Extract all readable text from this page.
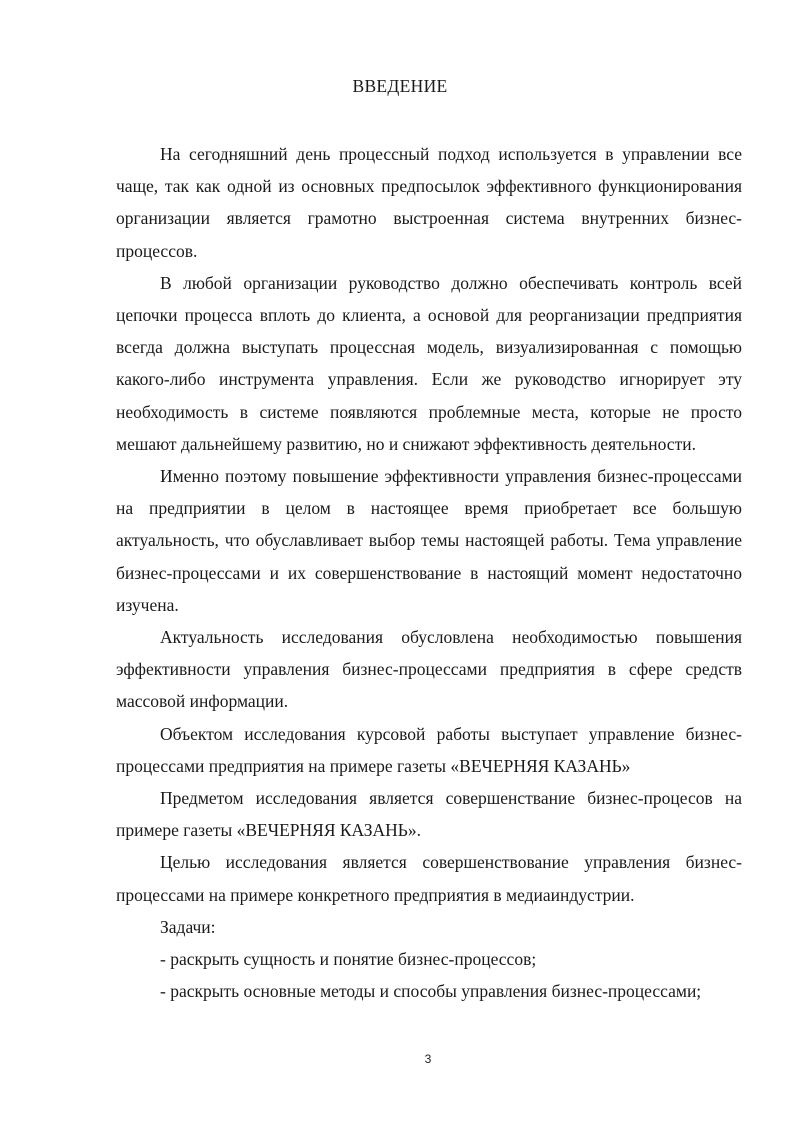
ВВЕДЕНИЕ

На сегодняшний день процессный подход используется в управлении все чаще, так как одной из основных предпосылок эффективного функционирования организации является грамотно выстроенная система внутренних бизнес-процессов.

В любой организации руководство должно обеспечивать контроль всей цепочки процесса вплоть до клиента, а основой для реорганизации предприятия всегда должна выступать процессная модель, визуализированная с помощью какого-либо инструмента управления. Если же руководство игнорирует эту необходимость в системе появляются проблемные места, которые не просто мешают дальнейшему развитию, но и снижают эффективность деятельности.

Именно поэтому повышение эффективности управления бизнес-процессами на предприятии в целом в настоящее время приобретает все большую актуальность, что обуславливает выбор темы настоящей работы. Тема управление бизнес-процессами и их совершенствование в настоящий момент недостаточно изучена.

Актуальность исследования обусловлена необходимостью повышения эффективности управления бизнес-процессами предприятия в сфере средств массовой информации.

Объектом исследования курсовой работы выступает управление бизнес-процессами предприятия на примере газеты «ВЕЧЕРНЯЯ КАЗАНЬ»

Предметом исследования является совершенствание бизнес-процесов на примере газеты «ВЕЧЕРНЯЯ КАЗАНЬ».

Целью исследования является совершенствование управления бизнес-процессами на примере конкретного предприятия в медиаиндустрии.

Задачи:

- раскрыть сущность и понятие бизнес-процессов;

- раскрыть основные методы и способы управления бизнес-процессами;

3
